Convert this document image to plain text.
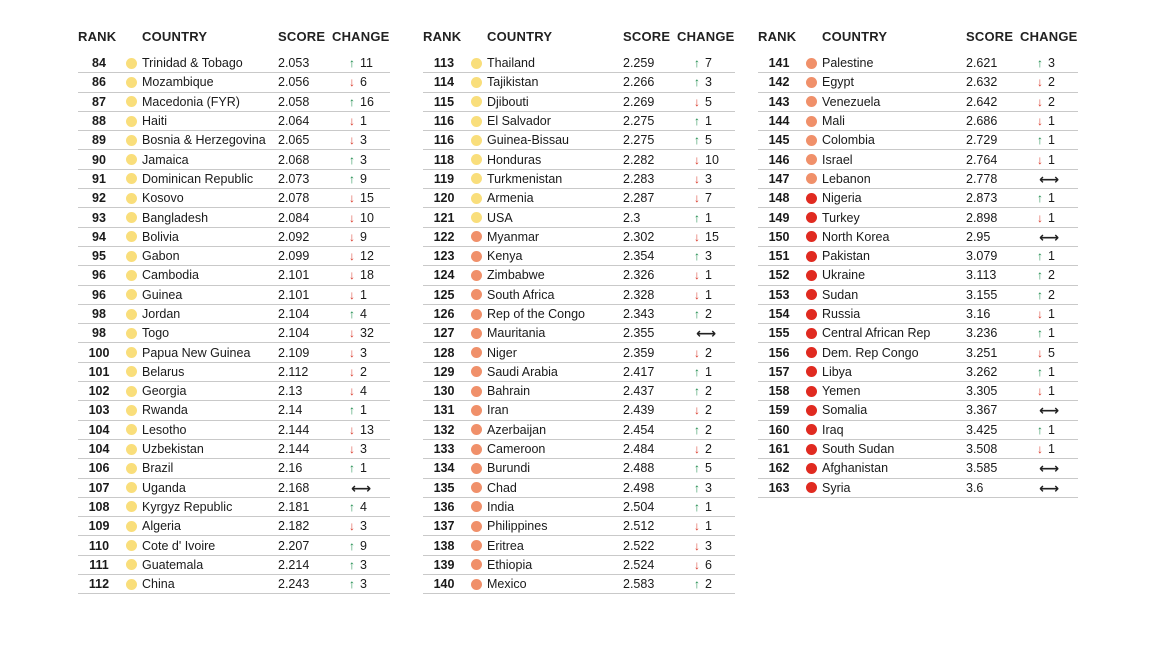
RANK	COUNTRY	SCORE CHANGE
84	Trinidad & Tobago	2.053	↑ 11
86	Mozambique	2.056	↓ 6
87	Macedonia (FYR)	2.058	↑ 16
88	Haiti	2.064	↓ 1
89	Bosnia & Herzegovina 2.065	↓ 3
90	Jamaica	2.068	↑ 3
91	Dominican Republic	2.073	↑ 9
92	Kosovo	2.078	↓ 15
93	Bangladesh	2.084	↓ 10
94	Bolivia	2.092	↓ 9
95	Gabon	2.099	↓ 12
96	Cambodia	2.101	↓ 18
96	Guinea	2.101	↓ 1
98	Jordan	2.104	↑ 4
98	Togo	2.104	↓ 32
100	Papua New Guinea	2.109	↓ 3
101	Belarus	2.112	↓ 2
102	Georgia	2.13	↓ 4
103	Rwanda	2.14	↑ 1
104	Lesotho	2.144	↓ 13
104	Uzbekistan	2.144	↓ 3
106	Brazil	2.16	↑ 1
107	Uganda	2.168	⟷
108	Kyrgyz Republic	2.181	↑ 4
109	Algeria	2.182	↓ 3
110	Cote d' Ivoire	2.207	↑ 9
111	Guatemala	2.214	↑ 3
112	China	2.243	↑ 3
RANK	COUNTRY	SCORE CHANGE
113	Thailand	2.259	↑ 7
114	Tajikistan	2.266	↑ 3
115	Djibouti	2.269	↓ 5
116	El Salvador	2.275	↑ 1
116	Guinea-Bissau	2.275	↑ 5
118	Honduras	2.282	↓ 10
119	Turkmenistan	2.283	↓ 3
120	Armenia	2.287	↓ 7
121	USA	2.3	↑ 1
122	Myanmar	2.302	↓ 15
123	Kenya	2.354	↑ 3
124	Zimbabwe	2.326	↓ 1
125	South Africa	2.328	↓ 1
126	Rep of the Congo	2.343	↑ 2
127	Mauritania	2.355	⟷
128	Niger	2.359	↓ 2
129	Saudi Arabia	2.417	↑ 1
130	Bahrain	2.437	↑ 2
131	Iran	2.439	↓ 2
132	Azerbaijan	2.454	↑ 2
133	Cameroon	2.484	↓ 2
134	Burundi	2.488	↑ 5
135	Chad	2.498	↑ 3
136	India	2.504	↑ 1
137	Philippines	2.512	↓ 1
138	Eritrea	2.522	↓ 3
139	Ethiopia	2.524	↓ 6
140	Mexico	2.583	↑ 2
RANK	COUNTRY	SCORE CHANGE
141	Palestine	2.621	↑ 3
142	Egypt	2.632	↓ 2
143	Venezuela	2.642	↓ 2
144	Mali	2.686	↓ 1
145	Colombia	2.729	↑ 1
146	Israel	2.764	↓ 1
147	Lebanon	2.778	⟷
148	Nigeria	2.873	↑ 1
149	Turkey	2.898	↓ 1
150	North Korea	2.95	⟷
151	Pakistan	3.079	↑ 1
152	Ukraine	3.113	↑ 2
153	Sudan	3.155	↑ 2
154	Russia	3.16	↓ 1
155	Central African Rep	3.236	↑ 1
156	Dem. Rep Congo	3.251	↓ 5
157	Libya	3.262	↑ 1
158	Yemen	3.305	↓ 1
159	Somalia	3.367	⟷
160	Iraq	3.425	↑ 1
161	South Sudan	3.508	↓ 1
162	Afghanistan	3.585	⟷
163	Syria	3.6	⟷
